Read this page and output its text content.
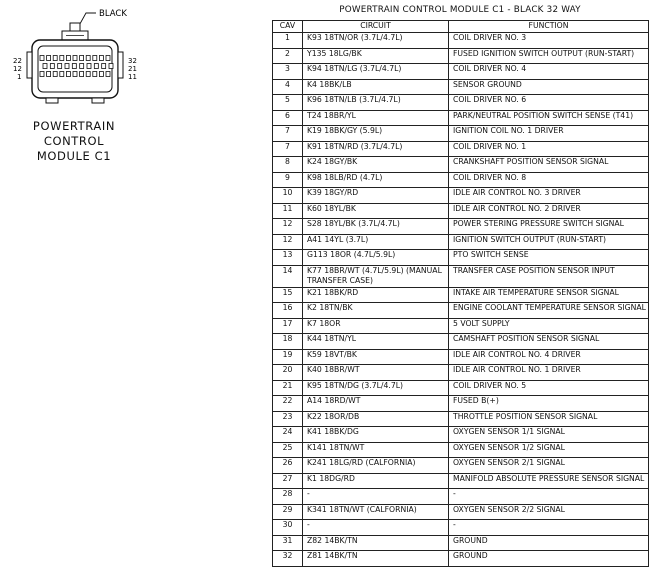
BLACK
22
12
1
32
21
11
POWERTRAIN CONTROL
MODULE C1
POWERTRAIN CONTROL MODULE C1 - BLACK 32 WAY
CAV	CIRCUIT	FUNCTION
1	K93 18TN/OR (3.7L/4.7L)	COIL DRIVER NO. 3
2	Y135 18LG/BK	FUSED IGNITION SWITCH OUTPUT (RUN-START)
3	K94 18TN/LG (3.7L/4.7L)	COIL DRIVER NO. 4
4	K4 18BK/LB	SENSOR GROUND
5	K96 18TN/LB (3.7L/4.7L)	COIL DRIVER NO. 6
6	T24 18BR/YL	PARK/NEUTRAL POSITION SWITCH SENSE (T41)
7	K19 18BK/GY (5.9L)	IGNITION COIL NO. 1 DRIVER
7	K91 18TN/RD (3.7L/4.7L)	COIL DRIVER NO. 1
8	K24 18GY/BK	CRANKSHAFT POSITION SENSOR SIGNAL
9	K98 18LB/RD (4.7L)	COIL DRIVER NO. 8
10	K39 18GY/RD	IDLE AIR CONTROL NO. 3 DRIVER
11	K60 18YL/BK	IDLE AIR CONTROL NO. 2 DRIVER
12	S28 18YL/BK (3.7L/4.7L)	POWER STERING PRESSURE SWITCH SIGNAL
12	A41 14YL (3.7L)	IGNITION SWITCH OUTPUT (RUN-START)
13	G113 18OR (4.7L/5.9L)	PTO SWITCH SENSE
14	K77 18BR/WT (4.7L/5.9L) (MANUAL TRANSFER CASE)	TRANSFER CASE POSITION SENSOR INPUT
15	K21 18BK/RD	INTAKE AIR TEMPERATURE SENSOR SIGNAL
16	K2 18TN/BK	ENGINE COOLANT TEMPERATURE SENSOR SIGNAL
17	K7 18OR	5 VOLT SUPPLY
18	K44 18TN/YL	CAMSHAFT POSITION SENSOR SIGNAL
19	K59 18VT/BK	IDLE AIR CONTROL NO. 4 DRIVER
20	K40 18BR/WT	IDLE AIR CONTROL NO. 1 DRIVER
21	K95 18TN/DG (3.7L/4.7L)	COIL DRIVER NO. 5
22	A14 18RD/WT	FUSED B(+)
23	K22 18OR/DB	THROTTLE POSITION SENSOR SIGNAL
24	K41 18BK/DG	OXYGEN SENSOR 1/1 SIGNAL
25	K141 18TN/WT	OXYGEN SENSOR 1/2 SIGNAL
26	K241 18LG/RD (CALFORNIA)	OXYGEN SENSOR 2/1 SIGNAL
27	K1 18DG/RD	MANIFOLD ABSOLUTE PRESSURE SENSOR SIGNAL
28	-	-
29	K341 18TN/WT (CALFORNIA)	OXYGEN SENSOR 2/2 SIGNAL
30	-	-
31	Z82 14BK/TN	GROUND
32	Z81 14BK/TN	GROUND
